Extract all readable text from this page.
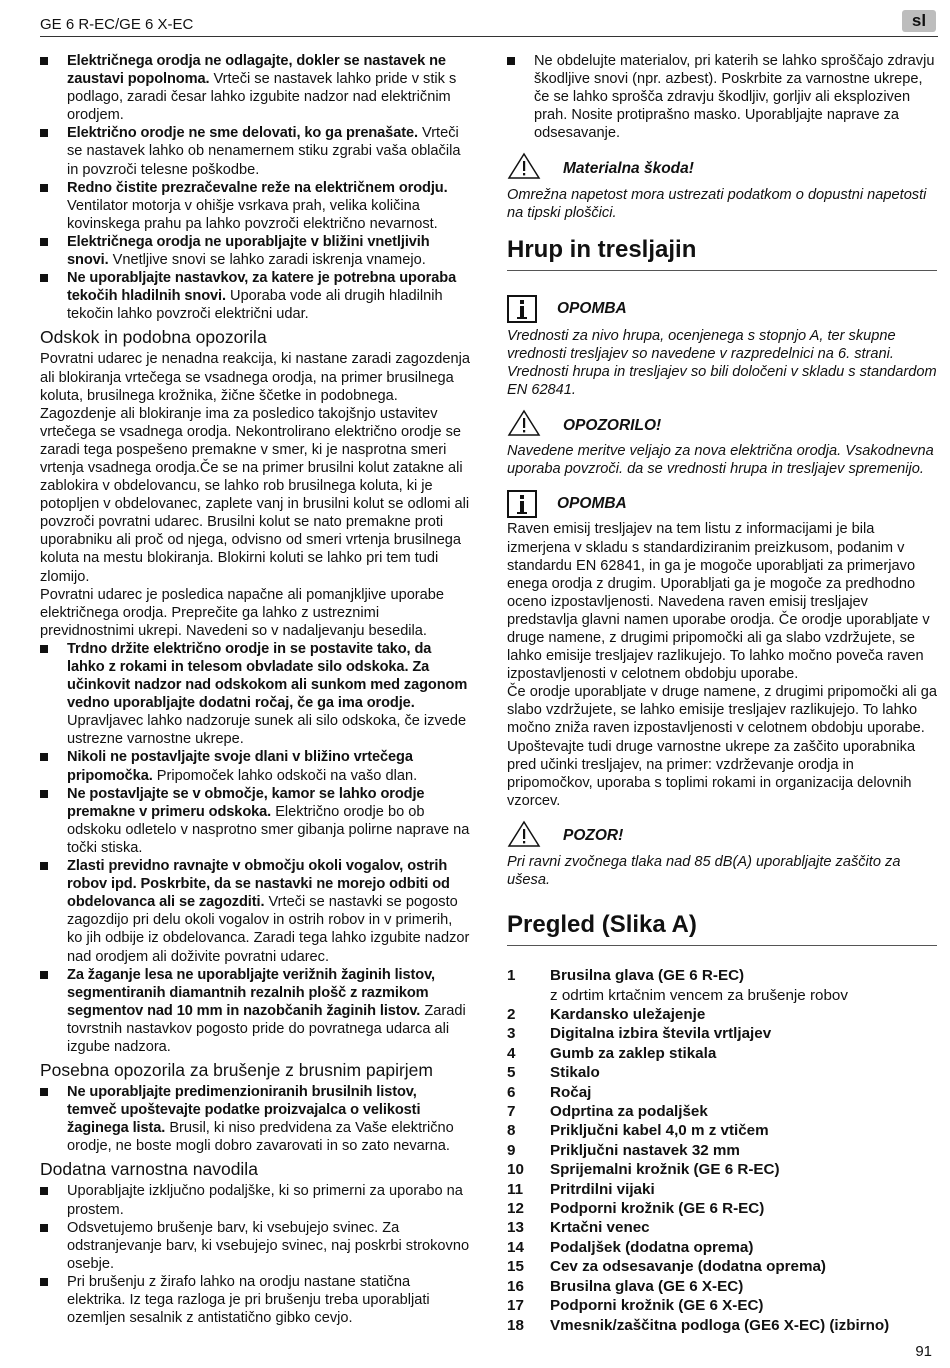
GE 6 R-EC/GE 6 X-EC	sl
Električnega orodja ne odlagajte, dokler se nastavek ne zaustavi popolnoma. Vrteči se nastavek lahko pride v stik s podlago, zaradi česar lahko izgubite nadzor nad električnim orodjem.
Električno orodje ne sme delovati, ko ga prenašate. Vrteči se nastavek lahko ob nenamernem stiku zgrabi vaša oblačila in povzroči telesne poškodbe.
Redno čistite prezračevalne reže na električnem orodju. Ventilator motorja v ohišje vsrkava prah, velika količina kovinskega prahu pa lahko povzroči električno nevarnost.
Električnega orodja ne uporabljajte v bližini vnetljivih snovi. Vnetljive snovi se lahko zaradi iskrenja vnamejo.
Ne uporabljajte nastavkov, za katere je potrebna uporaba tekočih hladilnih snovi. Uporaba vode ali drugih hladilnih tekočin lahko povzroči električni udar.
Odskok in podobna opozorila

Povratni udarec je nenadna reakcija, ki nastane zaradi zagozdenja ali blokiranja vrtečega se vsadnega orodja, na primer brusilnega koluta, brusilnega krožnika, žične ščetke in podobnega. Zagozdenje ali blokiranje ima za posledico takojšnjo ustavitev vrtečega se vsadnega orodja. Nekontrolirano električno orodje se zaradi tega pospešeno premakne v smer, ki je nasprotna smeri vrtenja vsadnega orodja.Če se na primer brusilni kolut zatakne ali zablokira v obdelovancu, se lahko rob brusilnega koluta, ki je potopljen v obdelovanec, zaplete vanj in brusilni kolut se odlomi ali povzroči povratni udarec. Brusilni kolut se nato premakne proti uporabniku ali proč od njega, odvisno od smeri vrtenja brusilnega koluta na mestu blokiranja. Blokirni koluti se lahko pri tem tudi zlomijo.

Povratni udarec je posledica napačne ali pomanjkljive uporabe električnega orodja. Preprečite ga lahko z ustreznimi previdnostnimi ukrepi. Navedeni so v nadaljevanju besedila.

Trdno držite električno orodje in se postavite tako, da lahko z rokami in telesom obvladate silo odskoka. Za učinkovit nadzor nad odskokom ali sunkom med zagonom vedno uporabljajte dodatni ročaj, če ga ima orodje. Upravljavec lahko nadzoruje sunek ali silo odskoka, če izvede ustrezne varnostne ukrepe.
Nikoli ne postavljajte svoje dlani v bližino vrtečega pripomočka. Pripomoček lahko odskoči na vašo dlan.
Ne postavljajte se v območje, kamor se lahko orodje premakne v primeru odskoka. Električno orodje bo ob odskoku odletelo v nasprotno smer gibanja polirne naprave na točki stiska.
Zlasti previdno ravnajte v območju okoli vogalov, ostrih robov ipd. Poskrbite, da se nastavki ne morejo odbiti od obdelovanca ali se zagozditi. Vrteči se nastavki se pogosto zagozdijo pri delu okoli vogalov in ostrih robov in v primerih, ko jih odbije iz obdelovanca. Zaradi tega lahko izgubite nadzor nad orodjem ali doživite povratni udarec.
Za žaganje lesa ne uporabljajte verižnih žaginih listov, segmentiranih diamantnih rezalnih plošč z razmikom segmentov nad 10 mm in nazobčanih žaginih listov. Zaradi tovrstnih nastavkov pogosto pride do povratnega udarca ali izgube nadzora.
Posebna opozorila za brušenje z brusnim papirjem
Ne uporabljajte predimenzioniranih brusilnih listov, temveč upoštevajte podatke proizvajalca o velikosti žaginega lista. Brusil, ki niso predvidena za Vaše električno orodje, ne boste mogli dobro zavarovati in so zato nevarna.
Dodatna varnostna navodila
Uporabljajte izključno podaljške, ki so primerni za uporabo na prostem.
Odsvetujemo brušenje barv, ki vsebujejo svinec. Za odstranjevanje barv, ki vsebujejo svinec, naj poskrbi strokovno osebje.
Pri brušenju z žirafo lahko na orodju nastane statična elektrika. Iz tega razloga je pri brušenju treba uporabljati ozemljen sesalnik z antistatično gibko cevjo.
Ne obdelujte materialov, pri katerih se lahko sproščajo zdravju škodljive snovi (npr. azbest). Poskrbite za varnostne ukrepe, če se lahko sprošča zdravju škodljiv, gorljiv ali eksploziven prah. Nosite protiprašno masko. Uporabljajte naprave za odsesavanje.
Materialna škoda!
Omrežna napetost mora ustrezati podatkom o dopustni napetosti na tipski ploščici.
Hrup in tresljajin
OPOMBA
Vrednosti za nivo hrupa, ocenjenega s stopnjo A, ter skupne vrednosti tresljajev so navedene v razpredelnici na 6. strani. Vrednosti hrupa in tresljajev so bili določeni v skladu s standardom EN 62841.
OPOZORILO!
Navedene meritve veljajo za nova električna orodja. Vsakodnevna uporaba povzroči. da se vrednosti hrupa in tresljajev spremenijo.
OPOMBA

Raven emisij tresljajev na tem listu z informacijami je bila izmerjena v skladu s standardiziranim preizkusom, podanim v standardu EN 62841, in ga je mogoče uporabljati za primerjavo enega orodja z drugim. Uporabljati ga je mogoče za predhodno oceno izpostavljenosti. Navedena raven emisij tresljajev predstavlja glavni namen uporabe orodja. Če orodje uporabljate v druge namene, z drugimi pripomočki ali ga slabo vzdržujete, se lahko emisije tresljajev razlikujejo. To lahko močno poveča raven izpostavljenosti v celotnem obdobju uporabe.

Če orodje uporabljate v druge namene, z drugimi pripomočki ali ga slabo vzdržujete, se lahko emisije tresljajev razlikujejo. To lahko močno zniža raven izpostavljenosti v celotnem obdobju uporabe. Upoštevajte tudi druge varnostne ukrepe za zaščito uporabnika pred učinki tresljajev, na primer: vzdrževanje orodja in pripomočkov, uporaba s toplimi rokami in organizacija delovnih vzorcev.

POZOR!
Pri ravni zvočnega tlaka nad 85 dB(A) uporabljajte zaščito za ušesa.
Pregled (Slika A)
1	Brusilna glava (GE 6 R-EC)
z odrtim krtačnim vencem za brušenje robov
2	Kardansko uležajenje
3	Digitalna izbira števila vrtljajev
4	Gumb za zaklep stikala
5	Stikalo
6	Ročaj
7	Odprtina za podaljšek
8	Priključni kabel 4,0 m z vtičem
9	Priključni nastavek 32 mm
10	Sprijemalni krožnik (GE 6 R-EC)
11	Pritrdilni vijaki
12	Podporni krožnik (GE 6 R-EC)
13	Krtačni venec
14	Podaljšek (dodatna oprema)
15	Cev za odsesavanje (dodatna oprema)
16	Brusilna glava (GE 6 X-EC)
17	Podporni krožnik (GE 6 X-EC)
18	Vmesnik/zaščitna podloga (GE6 X-EC) (izbirno)
91
